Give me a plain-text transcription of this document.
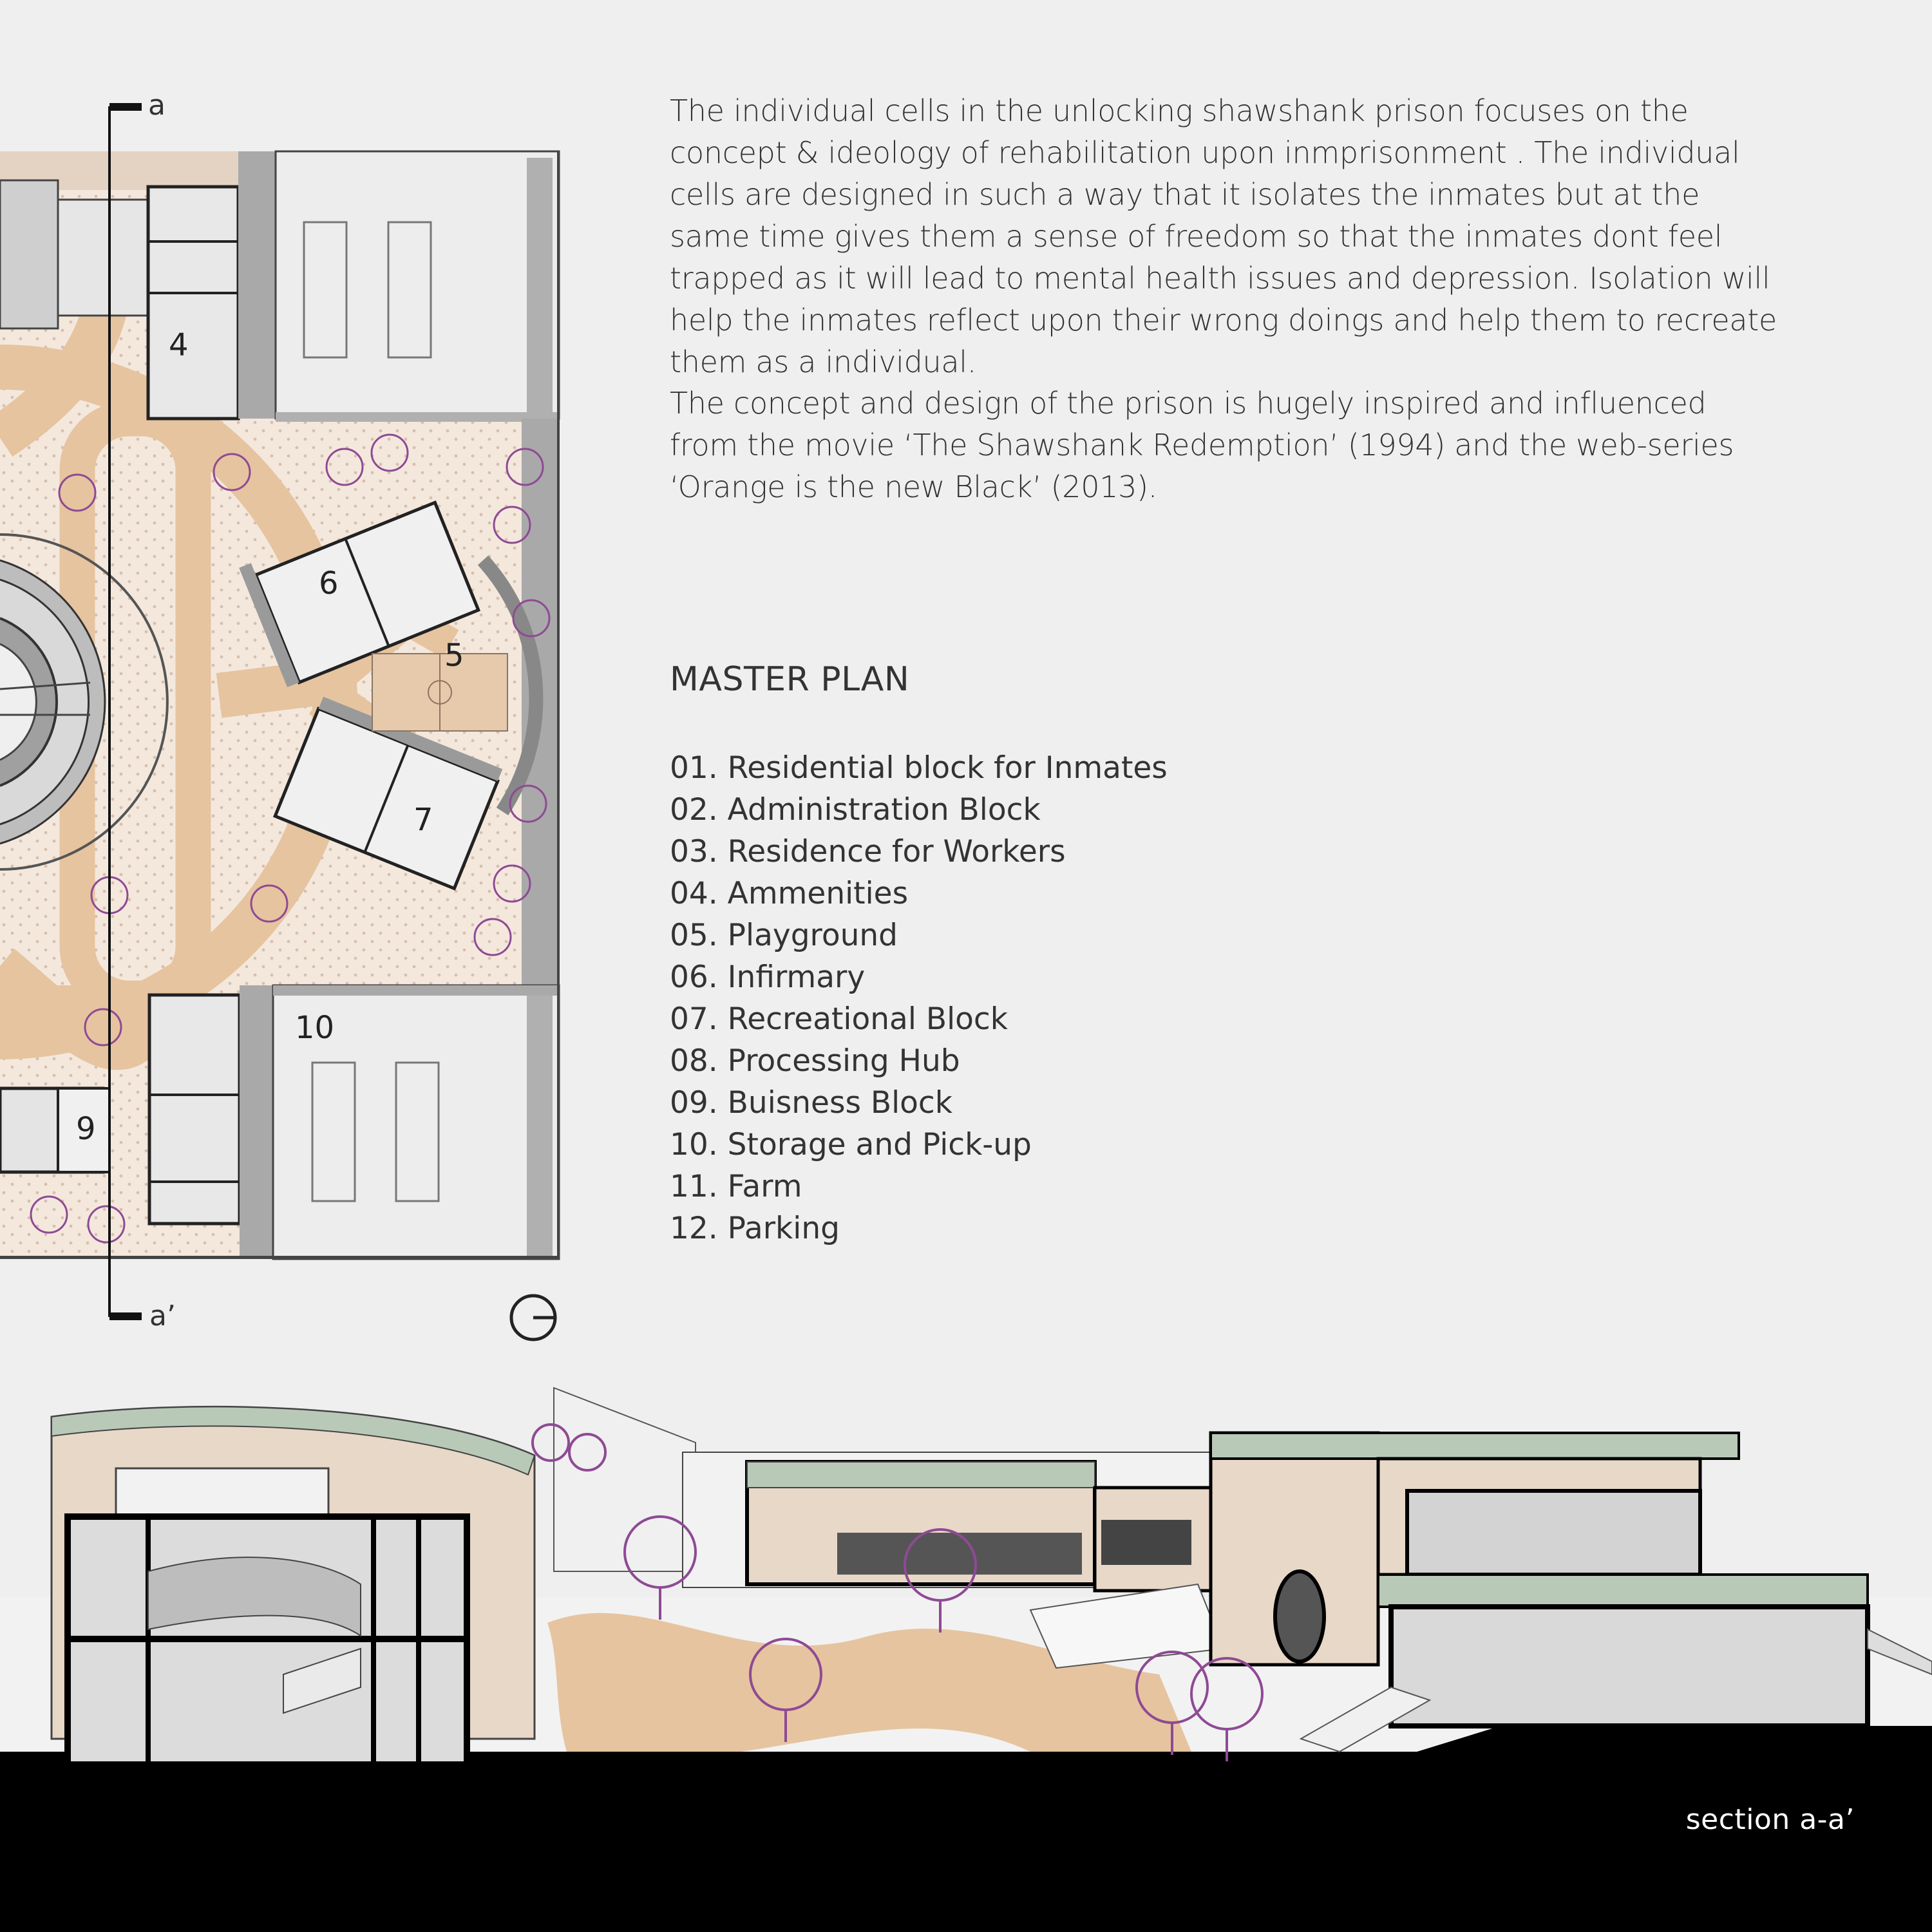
a
a’
4
6
5
7
10
9
The individual cells in the unlocking shawshank prison focuses on the concept & ideology of rehabilitation upon inmprisonment . The individual cells are designed in such a way that it isolates the inmates but at the same time gives them a sense of freedom so that the inmates dont feel trapped as it will lead to mental health issues and depression. Isolation will help the inmates reflect upon their wrong doings and help them to recreate them as a individual.
The concept and design of the prison is hugely inspired and influenced from the movie ‘The Shawshank Redemption’ (1994) and the web-series ‘Orange is the new Black’ (2013).
MASTER PLAN
01. Residential block for Inmates
02. Administration Block
03. Residence for Workers
04. Ammenities
05. Playground
06. Infirmary
07. Recreational Block
08. Processing Hub
09. Buisness Block
10. Storage and Pick-up
11. Farm
12. Parking
section a-a’
